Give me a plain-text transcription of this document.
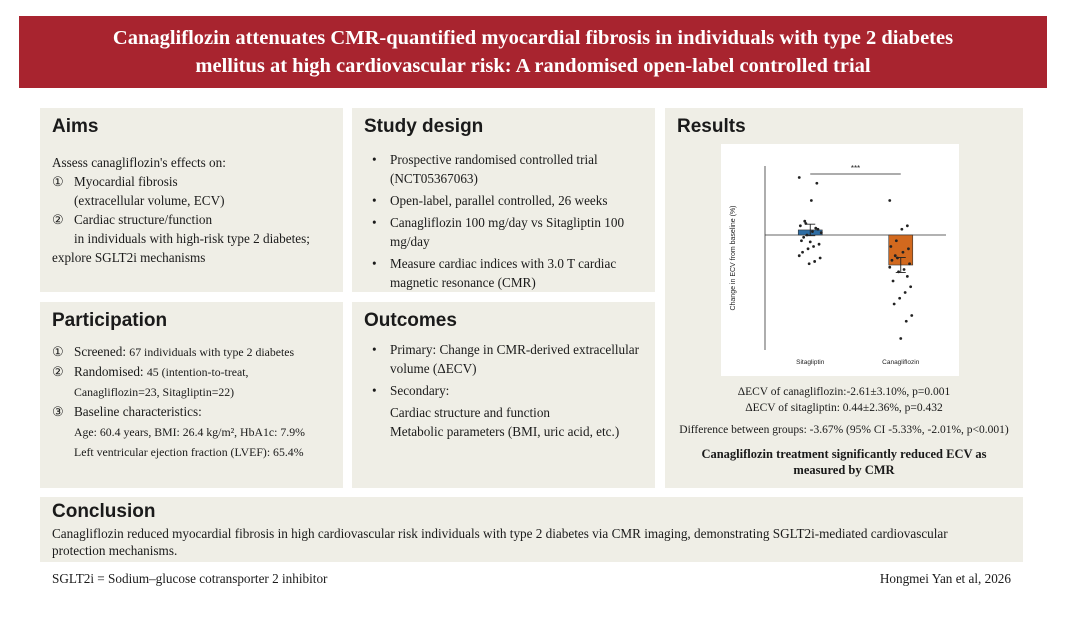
Canagliflozin attenuates CMR-quantified myocardial fibrosis in individuals with type 2 diabetes
mellitus at high cardiovascular risk: A randomised open-label controlled trial
Aims
Assess canagliflozin's effects on:
① Myocardial fibrosis
(extracellular volume, ECV)
② Cardiac structure/function
in individuals with high-risk type 2 diabetes;
explore SGLT2i mechanisms
Study design
• Prospective randomised controlled trial (NCT05367063)
• Open-label, parallel controlled, 26 weeks
• Canagliflozin 100 mg/day vs Sitagliptin 100 mg/day
• Measure cardiac indices with 3.0 T cardiac magnetic resonance (CMR)
Participation
① Screened:
67 individuals with type 2 diabetes
② Randomised:
45 (intention-to-treat,
Canagliflozin=23, Sitagliptin=22)
③ Baseline characteristics:
Age: 60.4 years, BMI: 26.4 kg/m², HbA1c: 7.9%
Left ventricular ejection fraction (LVEF): 65.4%
Outcomes
• Primary: Change in CMR-derived extracellular volume (ΔECV)
• Secondary:
Cardiac structure and function
Metabolic parameters (BMI, uric acid, etc.)
Results
Change in ECV from baseline (%)
Sitagliptin	Canagliflozin
***
ΔECV of canagliflozin:-2.61±3.10%, p=0.001
ΔECV of sitagliptin: 0.44±2.36%, p=0.432
Difference between groups: -3.67% (95% CI -5.33%, -2.01%, p<0.001)
Canagliflozin treatment significantly reduced ECV as
measured by CMR
Conclusion
Canagliflozin reduced myocardial fibrosis in high cardiovascular risk individuals with type 2 diabetes via CMR imaging, demonstrating SGLT2i-mediated cardiovascular protection mechanisms.
SGLT2i = Sodium–glucose cotransporter 2 inhibitor	Hongmei Yan et al, 2026
